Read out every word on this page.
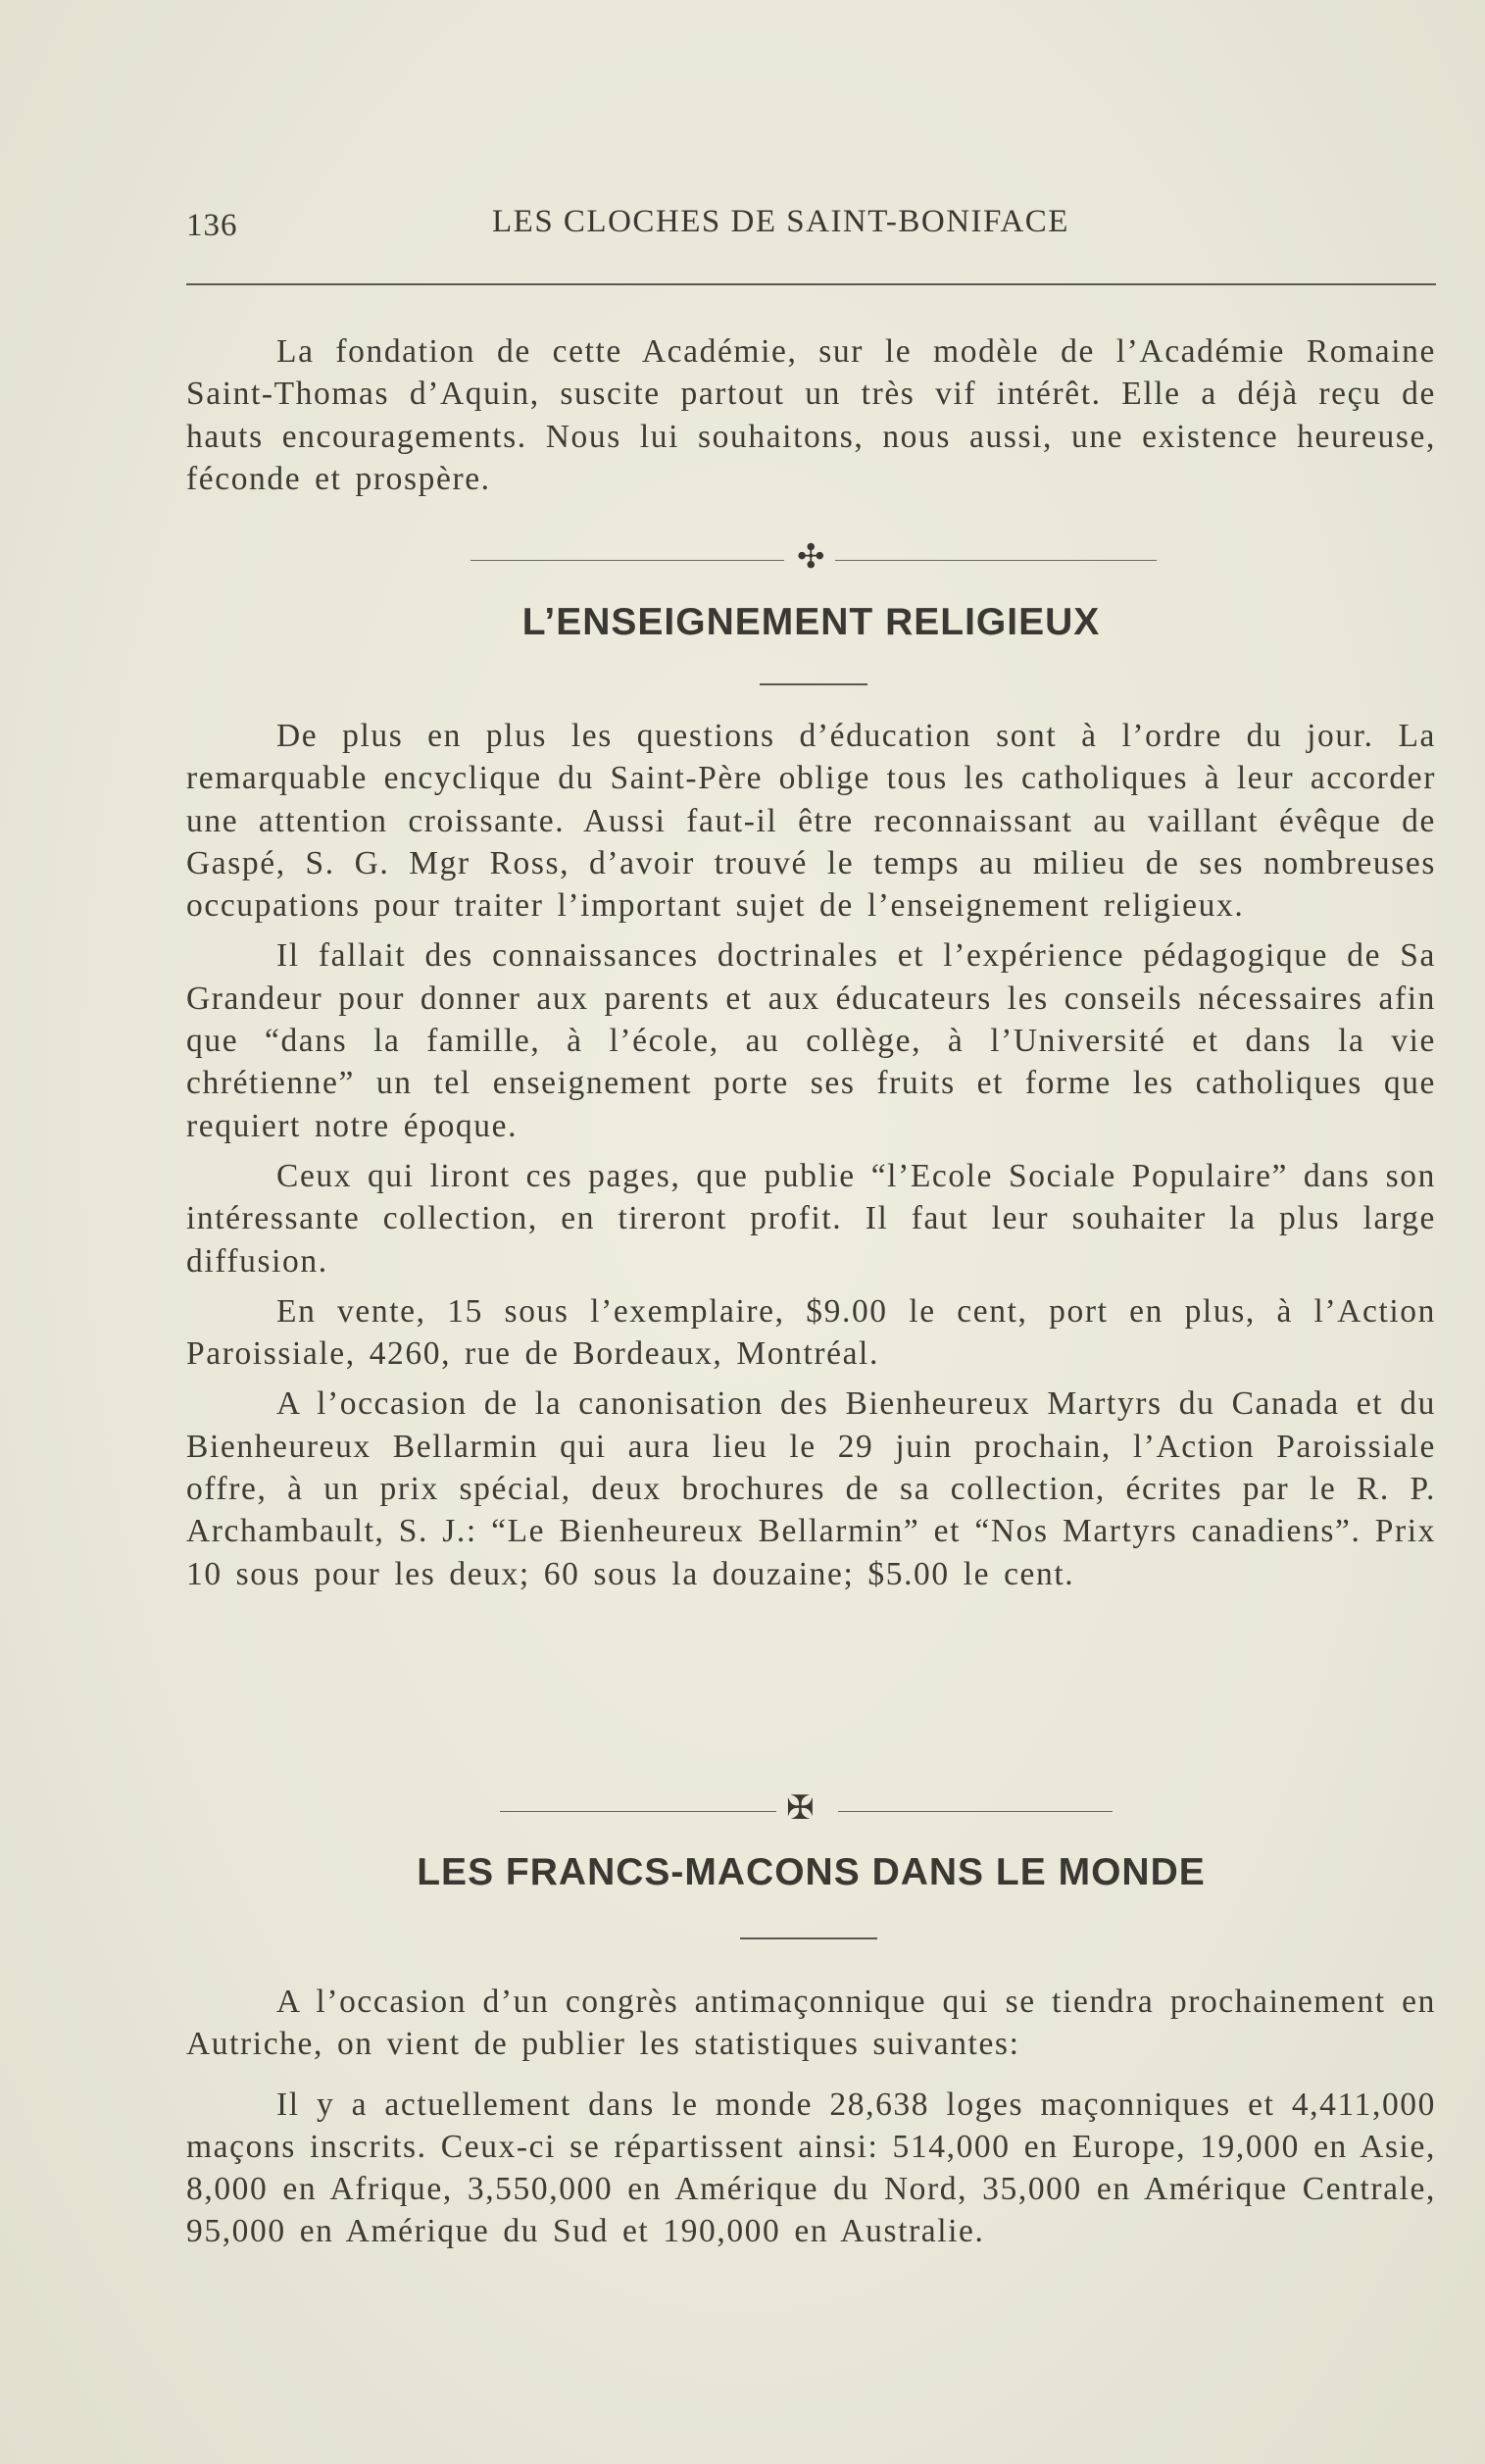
136	LES CLOCHES DE SAINT-BONIFACE

La fondation de cette Académie, sur le modèle de l’Académie Romaine Saint-Thomas d’Aquin, suscite partout un très vif intérêt. Elle a déjà reçu de hauts encouragements. Nous lui souhaitons, nous aussi, une existence heureuse, féconde et prospère.

✣
L’ENSEIGNEMENT RELIGIEUX

De plus en plus les questions d’éducation sont à l’ordre du jour. La remarquable encyclique du Saint-Père oblige tous les catholiques à leur accorder une attention croissante. Aussi faut-il être reconnaissant au vaillant évêque de Gaspé, S. G. Mgr Ross, d’avoir trouvé le temps au milieu de ses nombreuses occupations pour traiter l’important sujet de l’enseignement religieux.

Il fallait des connaissances doctrinales et l’expérience pédagogique de Sa Grandeur pour donner aux parents et aux éducateurs les conseils nécessaires afin que “dans la famille, à l’école, au collège, à l’Université et dans la vie chrétienne” un tel enseignement porte ses fruits et forme les catholiques que requiert notre époque.

Ceux qui liront ces pages, que publie “l’Ecole Sociale Populaire” dans son intéressante collection, en tireront profit. Il faut leur souhaiter la plus large diffusion.

En vente, 15 sous l’exemplaire, $9.00 le cent, port en plus, à l’Action Paroissiale, 4260, rue de Bordeaux, Montréal.

A l’occasion de la canonisation des Bienheureux Martyrs du Canada et du Bienheureux Bellarmin qui aura lieu le 29 juin prochain, l’Action Paroissiale offre, à un prix spécial, deux brochures de sa collection, écrites par le R. P. Archambault, S. J.: “Le Bienheureux Bellarmin” et “Nos Martyrs canadiens”. Prix 10 sous pour les deux; 60 sous la douzaine; $5.00 le cent.

✠
LES FRANCS-MACONS DANS LE MONDE

A l’occasion d’un congrès antimaçonnique qui se tiendra prochainement en Autriche, on vient de publier les statistiques suivantes:

Il y a actuellement dans le monde 28,638 loges maçonniques et 4,411,000 maçons inscrits. Ceux-ci se répartissent ainsi: 514,000 en Europe, 19,000 en Asie, 8,000 en Afrique, 3,550,000 en Amérique du Nord, 35,000 en Amérique Centrale, 95,000 en Amérique du Sud et 190,000 en Australie.
